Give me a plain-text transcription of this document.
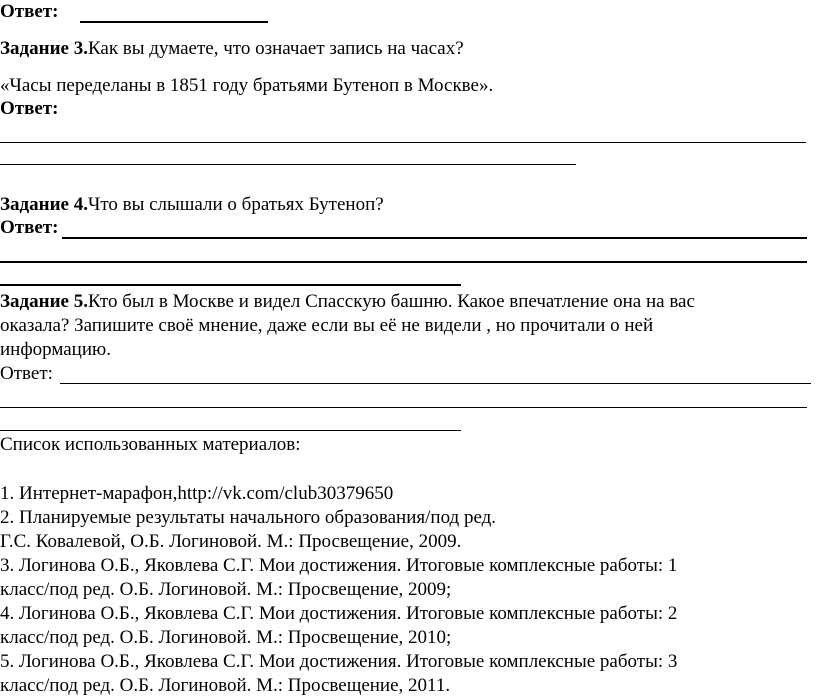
Ответ:
Задание 3.Как вы думаете, что означает запись на часах?
«Часы переделаны в 1851 году братьями Бутеноп в Москве».
Ответ:
Задание 4.Что вы слышали о братьях Бутеноп?
Ответ:
Задание 5.Кто был в Москве и видел Спасскую башню. Какое впечатление она на вас
оказала? Запишите своё мнение, даже если вы её не видели , но прочитали о ней
информацию.
Ответ:
Список использованных материалов:
1. Интернет-марафон,http://vk.com/club30379650
2. Планируемые результаты начального образования/под ред.
Г.С. Ковалевой, О.Б. Логиновой. М.: Просвещение, 2009.
3. Логинова О.Б., Яковлева С.Г. Мои достижения. Итоговые комплексные работы: 1
класс/под ред. О.Б. Логиновой. М.: Просвещение, 2009;
4. Логинова О.Б., Яковлева С.Г. Мои достижения. Итоговые комплексные работы: 2
класс/под ред. О.Б. Логиновой. М.: Просвещение, 2010;
5. Логинова О.Б., Яковлева С.Г. Мои достижения. Итоговые комплексные работы: 3
класс/под ред. О.Б. Логиновой. М.: Просвещение, 2011.
